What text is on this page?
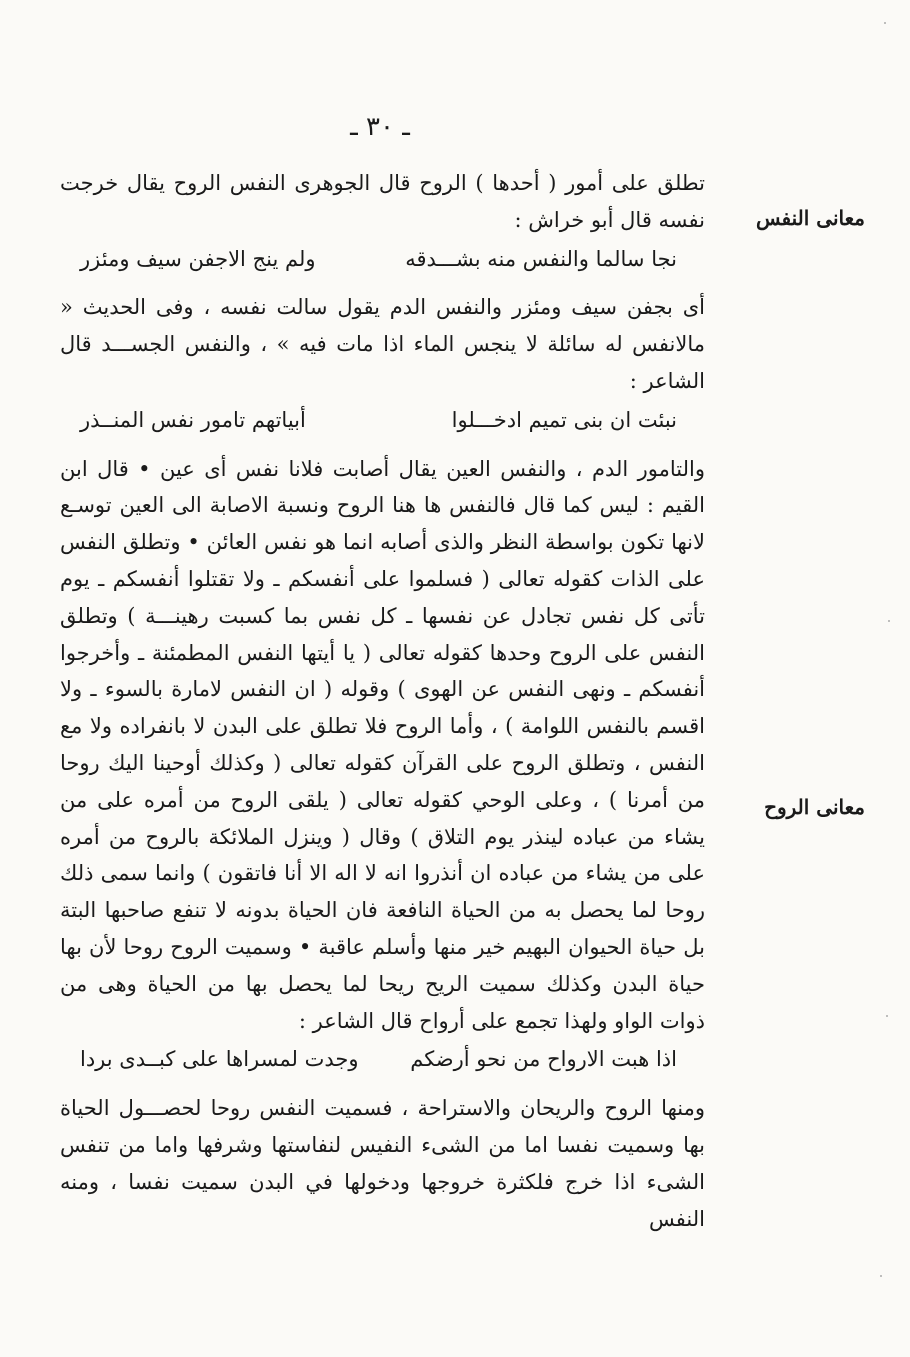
ـ ٣٠ ـ
معانى النفس
معانى الروح

تطلق على أمور ( أحدها ) الروح قال الجوهرى النفس الروح يقال خرجت نفسه قال أبو خراش :

نجا سالما والنفس منه بشـــدقه
ولم ينج الاجفن سيف ومئزر

أى بجفن سيف ومئزر والنفس الدم يقول سالت نفسه ، وفى الحديث « مالانفس له سائلة لا ينجس الماء اذا مات فيه » ، والنفس الجســـد قال الشاعر :

نبئت ان بنى تميم ادخـــلوا
أبياتهم تامور نفس المنــذر

والتامور الدم ، والنفس العين يقال أصابت فلانا نفس أى عين • قال ابن القيم : ليس كما قال فالنفس ها هنا الروح ونسبة الاصابة الى العين توسـع لانها تكون بواسطة النظر والذى أصابه انما هو نفس العائن • وتطلق النفس على الذات كقوله تعالى ( فسلموا على أنفسكم ـ ولا تقتلوا أنفسكم ـ يوم تأتى كل نفس تجادل عن نفسها ـ كل نفس بما كسبت رهينـــة ) وتطلق النفس على الروح وحدها كقوله تعالى ( يا أيتها النفس المطمئنة ـ وأخرجوا أنفسكم ـ ونهى النفس عن الهوى ) وقوله ( ان النفس لامارة بالسوء ـ ولا اقسم بالنفس اللوامة ) ، وأما الروح فلا تطلق على البدن لا بانفراده ولا مع النفس ، وتطلق الروح على القرآن كقوله تعالى ( وكذلك أوحينا اليك روحا من أمرنا ) ، وعلى الوحي كقوله تعالى ( يلقى الروح من أمره على من يشاء من عباده لينذر يوم التلاق ) وقال ( وينزل الملائكة بالروح من أمره على من يشاء من عباده ان أنذروا انه لا اله الا أنا فاتقون ) وانما سمى ذلك روحا لما يحصل به من الحياة النافعة فان الحياة بدونه لا تنفع صاحبها البتة بل حياة الحيوان البهيم خير منها وأسلم عاقبة • وسميت الروح روحا لأن بها حياة البدن وكذلك سميت الريح ريحا لما يحصل بها من الحياة وهى من ذوات الواو ولهذا تجمع على أرواح قال الشاعر :

اذا هبت الارواح من نحو أرضكم
وجدت لمسراها على كبــدى بردا

ومنها الروح والريحان والاستراحة ، فسميت النفس روحا لحصـــول الحياة بها وسميت نفسا اما من الشىء النفيس لنفاستها وشرفها واما من تنفس الشىء اذا خرج فلكثرة خروجها ودخولها في البدن سميت نفسا ، ومنه النفس
